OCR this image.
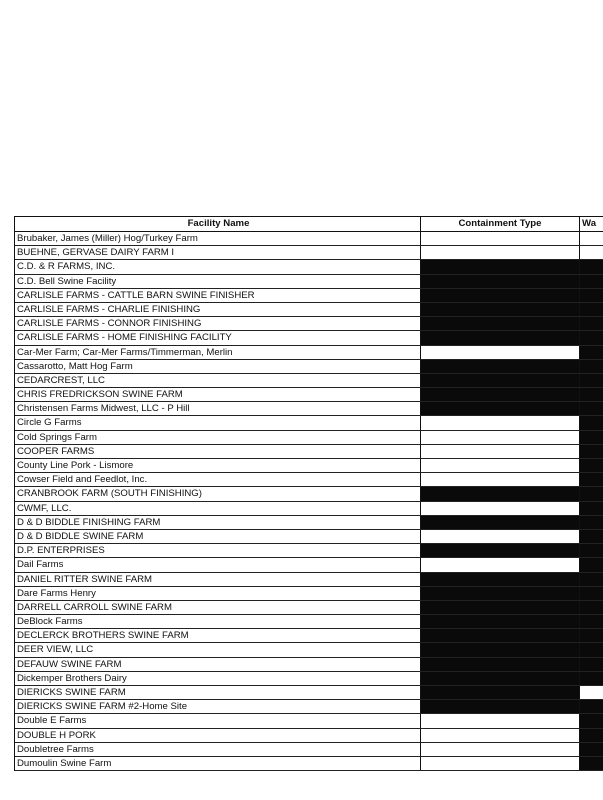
Facility Name	Containment Type	Wa
Brubaker, James (Miller) Hog/Turkey Farm
BUEHNE, GERVASE DAIRY FARM I
C.D. & R FARMS, INC.
C.D. Bell Swine Facility
CARLISLE FARMS - CATTLE BARN SWINE FINISHER
CARLISLE FARMS - CHARLIE FINISHING
CARLISLE FARMS - CONNOR FINISHING
CARLISLE FARMS - HOME FINISHING FACILITY
Car-Mer Farm; Car-Mer Farms/Timmerman, Merlin
Cassarotto, Matt Hog Farm
CEDARCREST, LLC
CHRIS FREDRICKSON SWINE FARM
Christensen Farms Midwest, LLC - P Hill
Circle G Farms
Cold Springs Farm
COOPER FARMS
County Line Pork - Lismore
Cowser Field and Feedlot, Inc.
CRANBROOK FARM (SOUTH FINISHING)
CWMF, LLC.
D & D BIDDLE FINISHING FARM
D & D BIDDLE SWINE FARM
D.P. ENTERPRISES
Dail Farms
DANIEL RITTER SWINE FARM
Dare Farms Henry
DARRELL CARROLL SWINE FARM
DeBlock Farms
DECLERCK BROTHERS SWINE FARM
DEER VIEW, LLC
DEFAUW SWINE FARM
Dickemper Brothers Dairy
DIERICKS SWINE FARM
DIERICKS SWINE FARM #2-Home Site
Double E Farms
DOUBLE H PORK
Doubletree Farms
Dumoulin Swine Farm
